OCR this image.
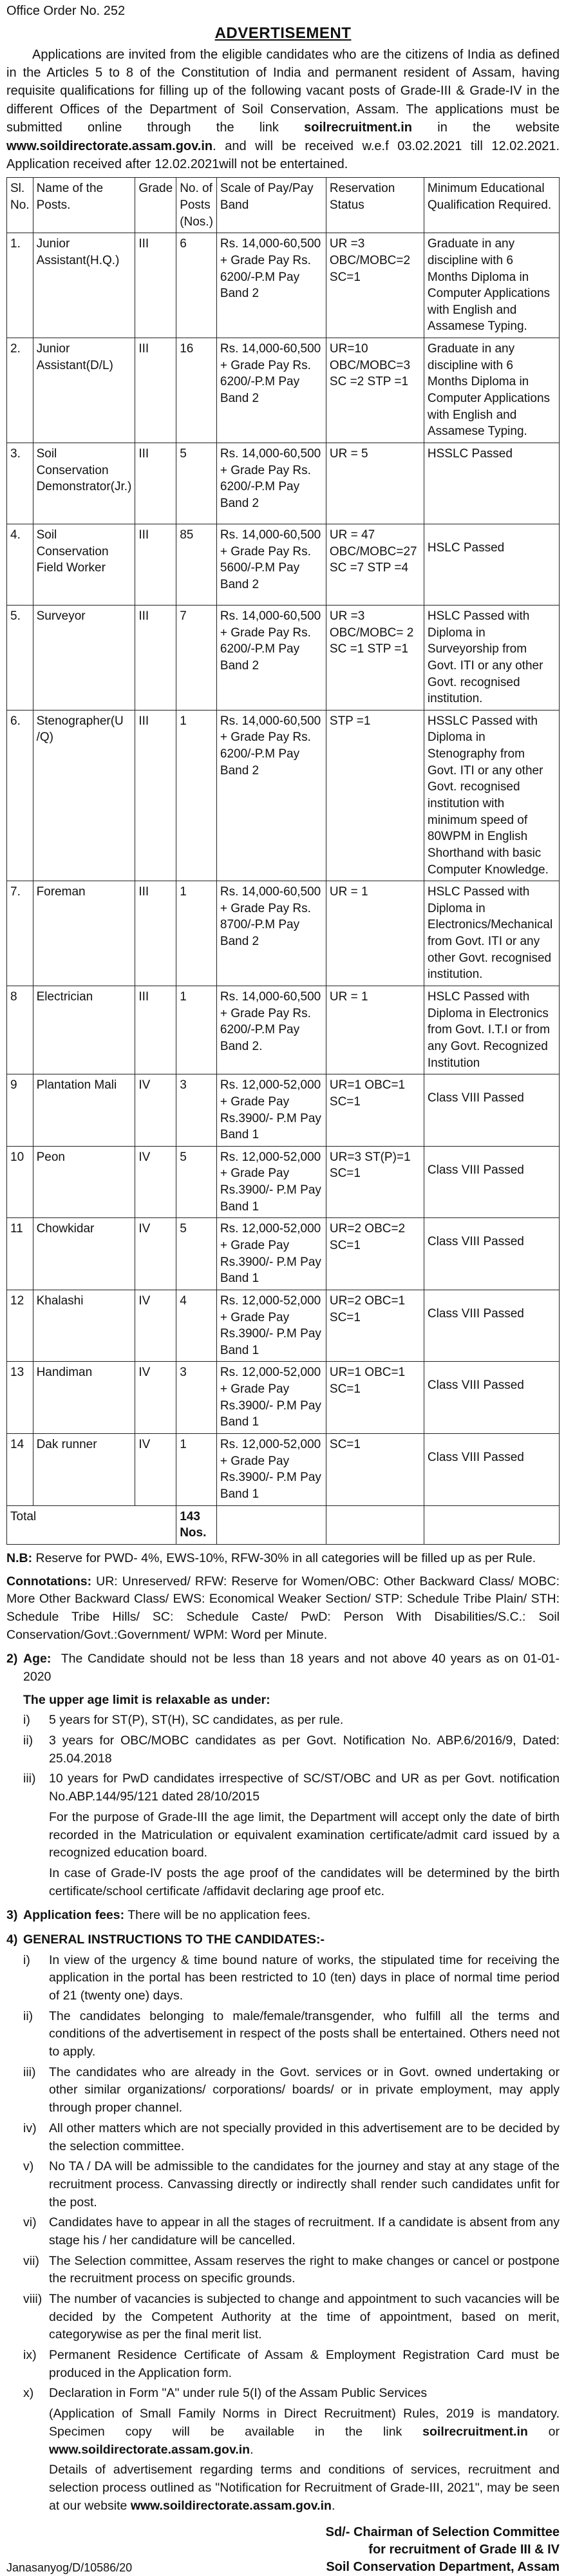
Office Order No. 252
ADVERTISEMENT

Applications are invited from the eligible candidates who are the citizens of India as defined in the Articles 5 to 8 of the Constitution of India and permanent resident of Assam, having requisite qualifications for filling up of the following vacant posts of Grade-III & Grade-IV in the different Offices of the Department of Soil Conservation, Assam. The applications must be submitted online through the link soilrecruitment.in in the website www.soildirectorate.assam.gov.in. and will be received w.e.f 03.02.2021 till 12.02.2021. Application received after 12.02.2021will not be entertained.

Sl. No.	Name of the Posts.	Grade	No. of Posts (Nos.)	Scale of Pay/Pay Band	Reservation Status	Minimum Educational Qualification Required.
1.	Junior Assistant(H.Q.)	III	6	Rs. 14,000-60,500 + Grade Pay Rs. 6200/-P.M Pay Band 2	UR =3 OBC/MOBC=2 SC=1	Graduate in any discipline with 6 Months Diploma in Computer Applications with English and Assamese Typing.
2.	Junior Assistant(D/L)	III	16	Rs. 14,000-60,500 + Grade Pay Rs. 6200/-P.M Pay Band 2	UR=10 OBC/MOBC=3 SC =2 STP =1	Graduate in any discipline with 6 Months Diploma in Computer Applications with English and Assamese Typing.
3.	Soil Conservation Demonstrator(Jr.)	III	5	Rs. 14,000-60,500 + Grade Pay Rs. 6200/-P.M Pay Band 2	UR = 5	HSSLC Passed
4.	Soil Conservation Field Worker	III	85	Rs. 14,000-60,500 + Grade Pay Rs. 5600/-P.M Pay Band 2	UR = 47 OBC/MOBC=27 SC =7 STP =4	HSLC Passed

5.	Surveyor	III	7	Rs. 14,000-60,500 + Grade Pay Rs. 6200/-P.M Pay Band 2	UR =3 OBC/MOBC= 2 SC =1 STP =1	HSLC Passed with Diploma in Surveyorship from Govt. ITI or any other Govt. recognised institution.
6.	Stenographer(U /Q)	III	1	Rs. 14,000-60,500 + Grade Pay Rs. 6200/-P.M Pay Band 2	STP =1	HSSLC Passed with Diploma in Stenography from Govt. ITI or any other Govt. recognised institution with minimum speed of 80WPM in English Shorthand with basic Computer Knowledge.
7.	Foreman	III	1	Rs. 14,000-60,500 + Grade Pay Rs. 8700/-P.M Pay Band 2	UR = 1	HSLC Passed with Diploma in Electronics/Mechanical from Govt. ITI or any other Govt. recognised institution.
8	Electrician	III	1	Rs. 14,000-60,500 + Grade Pay Rs. 6200/-P.M Pay Band 2.	UR = 1	HSLC Passed with Diploma in Electronics from Govt. I.T.I or from any Govt. Recognized Institution
9	Plantation Mali	IV	3	Rs. 12,000-52,000 + Grade Pay Rs.3900/- P.M Pay Band 1	UR=1 OBC=1 SC=1	Class VIII Passed

10	Peon	IV	5	Rs. 12,000-52,000 + Grade Pay Rs.3900/- P.M Pay Band 1	UR=3 ST(P)=1 SC=1	Class VIII Passed

11	Chowkidar	IV	5	Rs. 12,000-52,000 + Grade Pay Rs.3900/- P.M Pay Band 1	UR=2 OBC=2 SC=1	Class VIII Passed

12	Khalashi	IV	4	Rs. 12,000-52,000 + Grade Pay Rs.3900/- P.M Pay Band 1	UR=2 OBC=1 SC=1	Class VIII Passed

13	Handiman	IV	3	Rs. 12,000-52,000 + Grade Pay Rs.3900/- P.M Pay Band 1	UR=1 OBC=1 SC=1	Class VIII Passed

14	Dak runner	IV	1	Rs. 12,000-52,000 + Grade Pay Rs.3900/- P.M Pay Band 1	SC=1	Class VIII Passed

Total			143 Nos.			

N.B: Reserve for PWD- 4%, EWS-10%, RFW-30% in all categories will be filled up as per Rule.

Connotations: UR: Unreserved/ RFW: Reserve for Women/OBC: Other Backward Class/ MOBC: More Other Backward Class/ EWS: Economical Weaker Section/ STP: Schedule Tribe Plain/ STH: Schedule Tribe Hills/ SC: Schedule Caste/ PwD: Person With Disabilities/S.C.: Soil Conservation/Govt.:Government/ WPM: Word per Minute.

2) Age: The Candidate should not be less than 18 years and not above 40 years as on 01-01-2020
The upper age limit is relaxable as under:
i)	5 years for ST(P), ST(H), SC candidates, as per rule.
ii)	3 years for OBC/MOBC candidates as per Govt. Notification No. ABP.6/2016/9, Dated: 25.04.2018
iii)	10 years for PwD candidates irrespective of SC/ST/OBC and UR as per Govt. notification No.ABP.144/95/121 dated 28/10/2015

For the purpose of Grade-III the age limit, the Department will accept only the date of birth recorded in the Matriculation or equivalent examination certificate/admit card issued by a recognized education board.

In case of Grade-IV posts the age proof of the candidates will be determined by the birth certificate/school certificate /affidavit declaring age proof etc.

3) Application fees: There will be no application fees.
4) GENERAL INSTRUCTIONS TO THE CANDIDATES:-
i)	In view of the urgency & time bound nature of works, the stipulated time for receiving the application in the portal has been restricted to 10 (ten) days in place of normal time period of 21 (twenty one) days.
ii)	The candidates belonging to male/female/transgender, who fulfill all the terms and conditions of the advertisement in respect of the posts shall be entertained. Others need not to apply.
iii)	The candidates who are already in the Govt. services or in Govt. owned undertaking or other similar organizations/ corporations/ boards/ or in private employment, may apply through proper channel.
iv) All other matters which are not specially provided in this advertisement are to be decided by the selection committee.
v)	No TA / DA will be admissible to the candidates for the journey and stay at any stage of the recruitment process. Canvassing directly or indirectly shall render such candidates unfit for the post.
vi) Candidates have to appear in all the stages of recruitment. If a candidate is absent from any stage his / her candidature will be cancelled.
vii) The Selection committee, Assam reserves the right to make changes or cancel or postpone the recruitment process on specific grounds.
viii) The number of vacancies is subjected to change and appointment to such vacancies will be decided by the Competent Authority at the time of appointment, based on merit, categorywise as per the final merit list.
ix) Permanent Residence Certificate of Assam & Employment Registration Card must be produced in the Application form.
x)	Declaration in Form "A" under rule 5(I) of the Assam Public Services

(Application of Small Family Norms in Direct Recruitment) Rules, 2019 is mandatory. Specimen copy will be available in the link soilrecruitment.in or www.soildirectorate.assam.gov.in.

Details of advertisement regarding terms and conditions of services, recruitment and selection process outlined as "Notification for Recruitment of Grade-III, 2021", may be seen at our website www.soildirectorate.assam.gov.in.

Janasanyog/D/10586/20
Sd/- Chairman of Selection Committee
for recruitment of Grade III & IV
Soil Conservation Department, Assam
